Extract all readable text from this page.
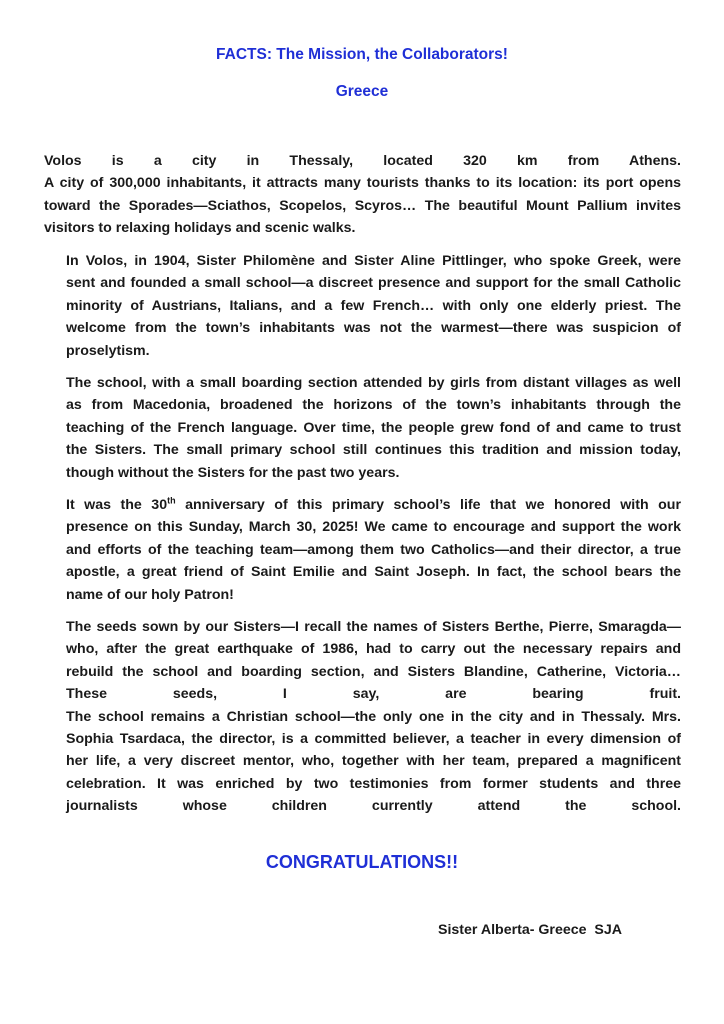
FACTS: The Mission, the Collaborators!
Greece

Volos is a city in Thessaly, located 320 km from Athens.
A city of 300,000 inhabitants, it attracts many tourists thanks to its location: its port opens
toward the Sporades—Sciathos, Scopelos, Scyros… The beautiful Mount Pallium invites
visitors to relaxing holidays and scenic walks.

In Volos, in 1904, Sister Philomène and Sister Aline Pittlinger, who spoke Greek, were
sent and founded a small school—a discreet presence and support for the small Catholic
minority of Austrians, Italians, and a few French… with only one elderly priest. The
welcome from the town’s inhabitants was not the warmest—there was suspicion of
proselytism.

The school, with a small boarding section attended by girls from distant villages as well
as from Macedonia, broadened the horizons of the town’s inhabitants through the
teaching of the French language. Over time, the people grew fond of and came to trust
the Sisters. The small primary school still continues this tradition and mission today,
though without the Sisters for the past two years.

It was the 30th anniversary of this primary school’s life that we honored with our
presence on this Sunday, March 30, 2025! We came to encourage and support the work
and efforts of the teaching team—among them two Catholics—and their director, a true
apostle, a great friend of Saint Emilie and Saint Joseph. In fact, the school bears the
name of our holy Patron!

The seeds sown by our Sisters—I recall the names of Sisters Berthe, Pierre, Smaragda—
who, after the great earthquake of 1986, had to carry out the necessary repairs and
rebuild the school and boarding section, and Sisters Blandine, Catherine, Victoria…
These seeds, I say, are bearing fruit.
The school remains a Christian school—the only one in the city and in Thessaly. Mrs.
Sophia Tsardaca, the director, is a committed believer, a teacher in every dimension of
her life, a very discreet mentor, who, together with her team, prepared a magnificent
celebration. It was enriched by two testimonies from former students and three
journalists whose children currently attend the school.

CONGRATULATIONS!!

Sister Alberta- Greece  SJA
